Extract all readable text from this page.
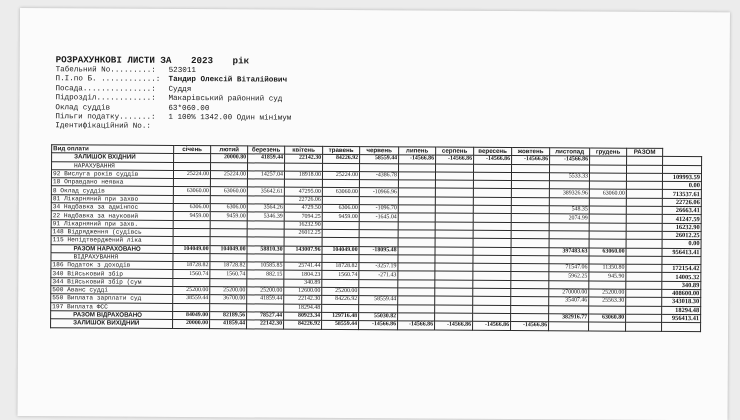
РОЗРАХУНКОВІ ЛИСТИ ЗА 2023 рік
Табельний No.........:	523011
П.І.по Б. ............:	Тандир Олексій Віталійович
Посада...............:	Суддя
Підрозділ............:	Макарівський районний суд
Оклад суддів	63*060.00
Пільги податку.......:	1 100% 1342.00 Один мінімум
Ідентифікаційний No.:
Вид оплати	січень	лютий	березень	квітень	травень	червень	липень	серпень	вересень	жовтень	листопад	грудень	РАЗОМ	
ЗАЛИШОК ВХІДНИЙ		20000.80	41859.44	22142.30	84226.92	58559.44	-14566.86	-14566.86	-14566.86	-14566.86	-14566.86			
НАРАХУВАННЯ														
92 Вислуга років суддів	25224.00	25224.00	14257.04	18918.00	25224.00	-4386.78					5533.33			109993.59
18 Оправдано неявка														0.00
8 Оклад суддів	63060.00	63060.00	35642.61	47295.00	63060.00	-10966.96					389326.96	63060.00		713537.61
81 Лікарняний при захво				22726.06										22726.06
34 Надбавка за адмінпос	6306.00	6306.00	3564.26	4729.50	6306.00	-1096.70					548.35			26663.41
22 Надбавка за науковий	9459.00	9459.00	5346.39	7094.25	9459.00	-1645.04					2074.99			41247.59
91 Лікарняний при захв.				16232.90										16232.90
148 Відрядження (судівсь				26012.25										26012.25
115 Непідтверджений ліка														0.00
РАЗОМ НАРАХОВАНО	104049.00	104049.00	58810.30	143007.96	104049.00	-18095.48					397483.63	63060.00		956413.41
ВІДРАХУВАННЯ														
186 Податок з доходів	18728.82	18728.82	10585.85	25741.44	18728.82	-3257.19					71547.06	11350.80		172154.42
340 Військовий збір	1560.74	1560.74	882.15	1804.23	1560.74	-271.43					5962.25	945.90		14005.32
344 Військовий збір (сум				340.89										340.89
500 Аванс судді	25200.00	25200.00	25200.00	12600.00	25200.00						270000.00	25200.00		408600.00
550 Виплата зарплати суд	38559.44	36700.00	41859.44	22142.30	84226.92	58559.44					35407.46	25563.30		343018.30
197 Виплата ФСС				18294.48										18294.48
РАЗОМ ВІДРАХОВАНО	84049.00	82189.56	78527.44	80923.34	129716.48	55030.82					382916.77	63060.80		956413.41
ЗАЛИШОК ВИХІДНИЙ	20000.00	41859.44	22142.30	84226.92	58559.44	-14566.86	-14566.86	-14566.86	-14566.86	-14566.86				
